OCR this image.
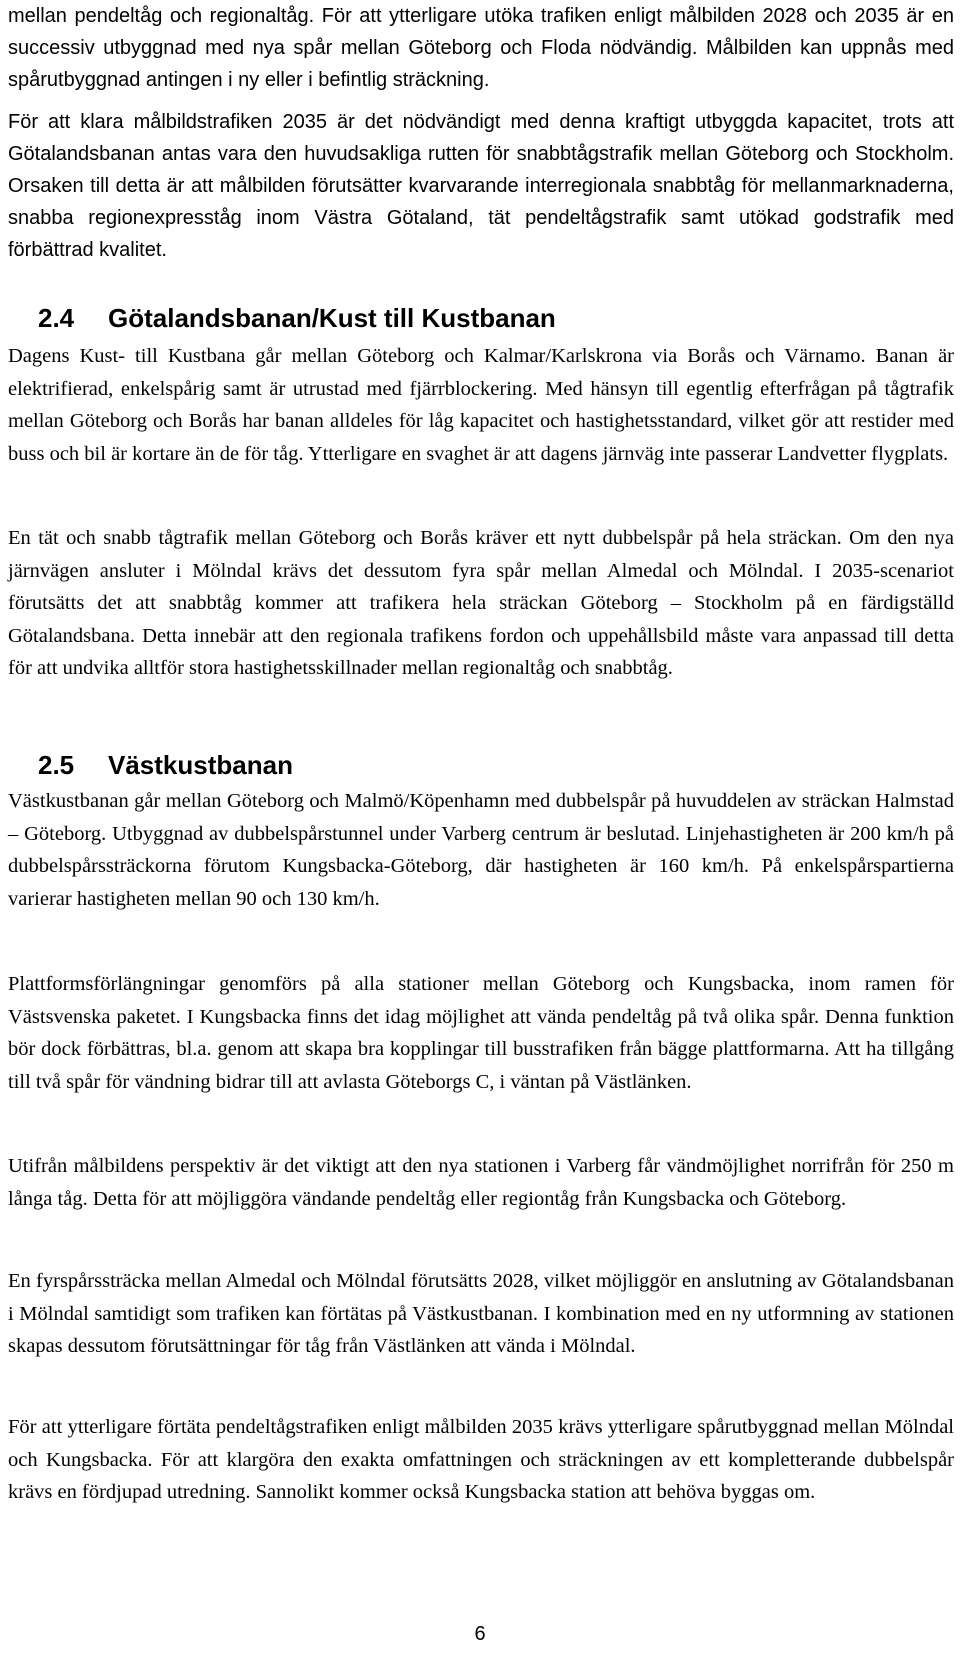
mellan pendeltåg och regionaltåg. För att ytterligare utöka trafiken enligt målbilden 2028 och 2035 är en successiv utbyggnad med nya spår mellan Göteborg och Floda nödvändig. Målbilden kan uppnås med spårutbyggnad antingen i ny eller i befintlig sträckning.

För att klara målbildstrafiken 2035 är det nödvändigt med denna kraftigt utbyggda kapacitet, trots att Götalandsbanan antas vara den huvudsakliga rutten för snabbtågstrafik mellan Göteborg och Stockholm. Orsaken till detta är att målbilden förutsätter kvarvarande interregionala snabbtåg för mellanmarknaderna, snabba regionexpresståg inom Västra Götaland, tät pendeltågstrafik samt utökad godstrafik med förbättrad kvalitet.

2.4 Götalandsbanan/Kust till Kustbanan

Dagens Kust- till Kustbana går mellan Göteborg och Kalmar/Karlskrona via Borås och Värnamo. Banan är elektrifierad, enkelspårig samt är utrustad med fjärrblockering. Med hänsyn till egentlig efterfrågan på tågtrafik mellan Göteborg och Borås har banan alldeles för låg kapacitet och hastighetsstandard, vilket gör att restider med buss och bil är kortare än de för tåg. Ytterligare en svaghet är att dagens järnväg inte passerar Landvetter flygplats.

En tät och snabb tågtrafik mellan Göteborg och Borås kräver ett nytt dubbelspår på hela sträckan. Om den nya järnvägen ansluter i Mölndal krävs det dessutom fyra spår mellan Almedal och Mölndal. I 2035-scenariot förutsätts det att snabbtåg kommer att trafikera hela sträckan Göteborg – Stockholm på en färdigställd Götalandsbana. Detta innebär att den regionala trafikens fordon och uppehållsbild måste vara anpassad till detta för att undvika alltför stora hastighetsskillnader mellan regionaltåg och snabbtåg.

2.5 Västkustbanan

Västkustbanan går mellan Göteborg och Malmö/Köpenhamn med dubbelspår på huvuddelen av sträckan Halmstad – Göteborg. Utbyggnad av dubbelspårstunnel under Varberg centrum är beslutad. Linjehastigheten är 200 km/h på dubbelspårssträckorna förutom Kungsbacka-Göteborg, där hastigheten är 160 km/h. På enkelspårspartierna varierar hastigheten mellan 90 och 130 km/h.

Plattformsförlängningar genomförs på alla stationer mellan Göteborg och Kungsbacka, inom ramen för Västsvenska paketet. I Kungsbacka finns det idag möjlighet att vända pendeltåg på två olika spår. Denna funktion bör dock förbättras, bl.a. genom att skapa bra kopplingar till busstrafiken från bägge plattformarna. Att ha tillgång till två spår för vändning bidrar till att avlasta Göteborgs C, i väntan på Västlänken.

Utifrån målbildens perspektiv är det viktigt att den nya stationen i Varberg får vändmöjlighet norrifrån för 250 m långa tåg. Detta för att möjliggöra vändande pendeltåg eller regiontåg från Kungsbacka och Göteborg.

En fyrspårssträcka mellan Almedal och Mölndal förutsätts 2028, vilket möjliggör en anslutning av Götalandsbanan i Mölndal samtidigt som trafiken kan förtätas på Västkustbanan. I kombination med en ny utformning av stationen skapas dessutom förutsättningar för tåg från Västlänken att vända i Mölndal.

För att ytterligare förtäta pendeltågstrafiken enligt målbilden 2035 krävs ytterligare spårutbyggnad mellan Mölndal och Kungsbacka. För att klargöra den exakta omfattningen och sträckningen av ett kompletterande dubbelspår krävs en fördjupad utredning. Sannolikt kommer också Kungsbacka station att behöva byggas om.

6
